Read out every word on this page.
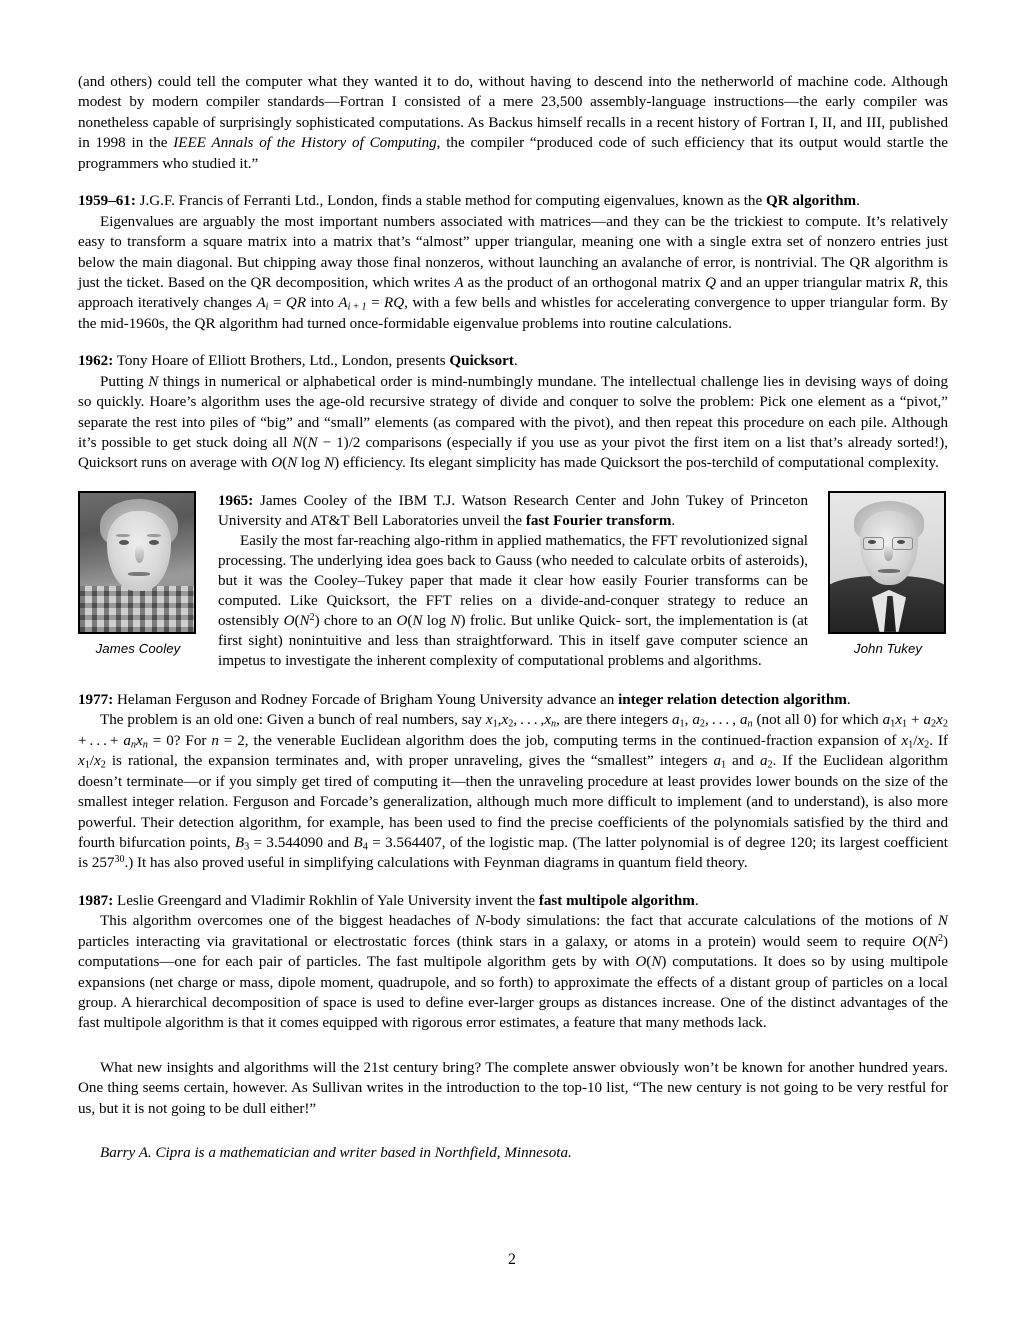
(and others) could tell the computer what they wanted it to do, without having to descend into the netherworld of machine code. Although modest by modern compiler standards—Fortran I consisted of a mere 23,500 assembly-language instructions—the early compiler was nonetheless capable of surprisingly sophisticated computations. As Backus himself recalls in a recent history of Fortran I, II, and III, published in 1998 in the IEEE Annals of the History of Computing, the compiler “produced code of such efficiency that its output would startle the programmers who studied it.”

1959–61: J.G.F. Francis of Ferranti Ltd., London, finds a stable method for computing eigenvalues, known as the QR algorithm.

Eigenvalues are arguably the most important numbers associated with matrices—and they can be the trickiest to compute. It’s relatively easy to transform a square matrix into a matrix that’s “almost” upper triangular, meaning one with a single extra set of nonzero entries just below the main diagonal. But chipping away those final nonzeros, without launching an avalanche of error, is nontrivial. The QR algorithm is just the ticket. Based on the QR decomposition, which writes A as the product of an orthogonal matrix Q and an upper triangular matrix R, this approach iteratively changes $A_i$ = QR into $A_{i + 1}$ = RQ, with a few bells and whistles for accelerating convergence to upper triangular form. By the mid-1960s, the QR algorithm had turned once-formidable eigenvalue problems into routine calculations.

1962: Tony Hoare of Elliott Brothers, Ltd., London, presents Quicksort.

Putting N things in numerical or alphabetical order is mind-numbingly mundane. The intellectual challenge lies in devising ways of doing so quickly. Hoare’s algorithm uses the age-old recursive strategy of divide and conquer to solve the problem: Pick one element as a “pivot,” separate the rest into piles of “big” and “small” elements (as compared with the pivot), and then repeat this procedure on each pile. Although it’s possible to get stuck doing all N(N − 1)/2 comparisons (especially if you use as your pivot the first item on a list that’s already sorted!), Quicksort runs on average with O(N log N) efficiency. Its elegant simplicity has made Quicksort the pos-terchild of computational complexity.

James Cooley	John Tukey

1965: James Cooley of the IBM T.J. Watson Research Center and John Tukey of Princeton University and AT&T Bell Laboratories unveil the fast Fourier transform.

Easily the most far-reaching algo-rithm in applied mathematics, the FFT revolutionized signal processing. The underlying idea goes back to Gauss (who needed to calculate orbits of asteroids), but it was the Cooley–Tukey paper that made it clear how easily Fourier transforms can be computed. Like Quicksort, the FFT relies on a divide-and-conquer strategy to reduce an ostensibly $O(N^2)$ chore to an O(N log N) frolic. But unlike Quick- sort, the implementation is (at first sight) nonintuitive and less than straightforward. This in itself gave computer science an impetus to investigate the inherent complexity of computational problems and algorithms.

1977: Helaman Ferguson and Rodney Forcade of Brigham Young University advance an integer relation detection algorithm.

The problem is an old one: Given a bunch of real numbers, say $x_1,x_2$, . . . $,x_n$, are there integers $a_1$, $a_2$, . . . , $a_n$ (not all 0) for which $a_1x_1 + a_2x_2$ + . . . + $a_nx_n = 0$? For n = 2, the venerable Euclidean algorithm does the job, computing terms in the continued-fraction expansion of $x_1/x_2$. If $x_1/x_2$ is rational, the expansion terminates and, with proper unraveling, gives the “smallest” integers $a_1$ and $a_2$. If the Euclidean algorithm doesn’t terminate—or if you simply get tired of computing it—then the unraveling procedure at least provides lower bounds on the size of the smallest integer relation. Ferguson and Forcade’s generalization, although much more difficult to implement (and to understand), is also more powerful. Their detection algorithm, for example, has been used to find the precise coefficients of the polynomials satisfied by the third and fourth bifurcation points, $B_3 = 3.544090$ and $B_4 = 3.564407$, of the logistic map. (The latter polynomial is of degree 120; its largest coefficient is $257^{30}$.) It has also proved useful in simplifying calculations with Feynman diagrams in quantum field theory.

1987: Leslie Greengard and Vladimir Rokhlin of Yale University invent the fast multipole algorithm.

This algorithm overcomes one of the biggest headaches of N-body simulations: the fact that accurate calculations of the motions of N particles interacting via gravitational or electrostatic forces (think stars in a galaxy, or atoms in a protein) would seem to require $O(N^2)$ computations—one for each pair of particles. The fast multipole algorithm gets by with O(N) computations. It does so by using multipole expansions (net charge or mass, dipole moment, quadrupole, and so forth) to approximate the effects of a distant group of particles on a local group. A hierarchical decomposition of space is used to define ever-larger groups as distances increase. One of the distinct advantages of the fast multipole algorithm is that it comes equipped with rigorous error estimates, a feature that many methods lack.

What new insights and algorithms will the 21st century bring? The complete answer obviously won’t be known for another hundred years. One thing seems certain, however. As Sullivan writes in the introduction to the top-10 list, “The new century is not going to be very restful for us, but it is not going to be dull either!”

Barry A. Cipra is a mathematician and writer based in Northfield, Minnesota.

2
